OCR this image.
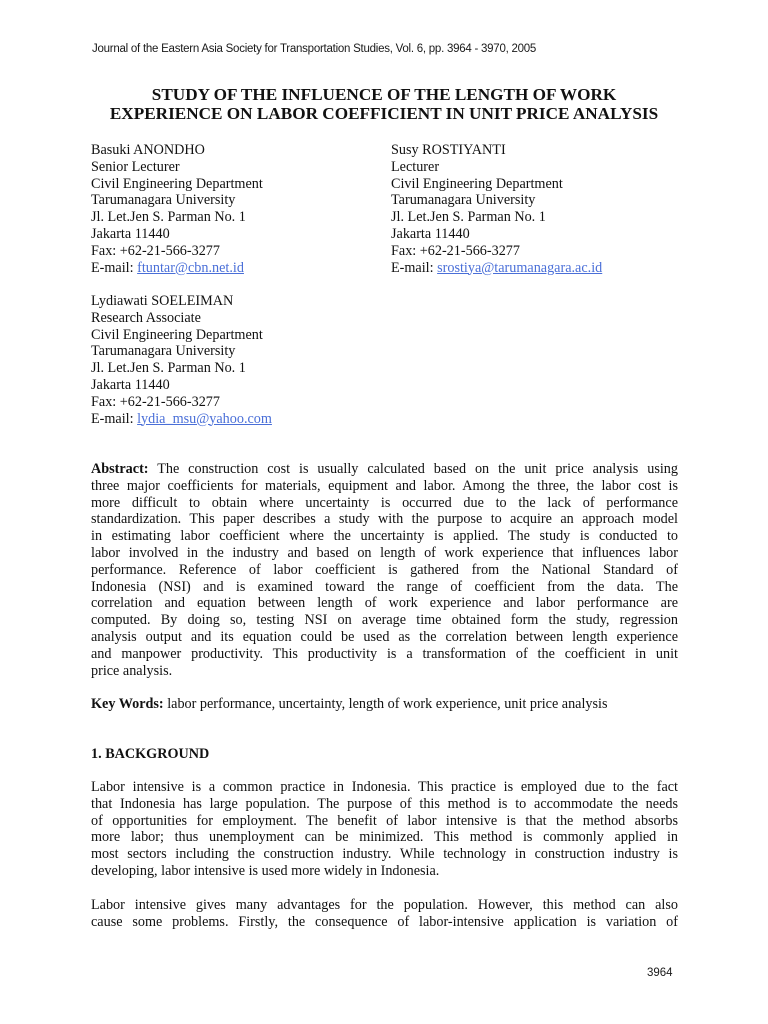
Journal of the Eastern Asia Society for Transportation Studies, Vol. 6, pp. 3964 - 3970, 2005
STUDY OF THE INFLUENCE OF THE LENGTH OF WORK
EXPERIENCE ON LABOR COEFFICIENT IN UNIT PRICE ANALYSIS
Basuki ANONDHO
Senior Lecturer
Civil Engineering Department
Tarumanagara University
Jl. Let.Jen S. Parman No. 1
Jakarta 11440
Fax: +62-21-566-3277
E-mail: ftuntar@cbn.net.id
Susy ROSTIYANTI
Lecturer
Civil Engineering Department
Tarumanagara University
Jl. Let.Jen S. Parman No. 1
Jakarta 11440
Fax: +62-21-566-3277
E-mail: srostiya@tarumanagara.ac.id
Lydiawati SOELEIMAN
Research Associate
Civil Engineering Department
Tarumanagara University
Jl. Let.Jen S. Parman No. 1
Jakarta 11440
Fax: +62-21-566-3277
E-mail: lydia_msu@yahoo.com
Abstract: The construction cost is usually calculated based on the unit price analysis using
three major coefficients for materials, equipment and labor. Among the three, the labor cost is
more difficult to obtain where uncertainty is occurred due to the lack of performance
standardization. This paper describes a study with the purpose to acquire an approach model
in estimating labor coefficient where the uncertainty is applied. The study is conducted to
labor involved in the industry and based on length of work experience that influences labor
performance. Reference of labor coefficient is gathered from the National Standard of
Indonesia (NSI) and is examined toward the range of coefficient from the data. The
correlation and equation between length of work experience and labor performance are
computed. By doing so, testing NSI on average time obtained form the study, regression
analysis output and its equation could be used as the correlation between length experience
and manpower productivity. This productivity is a transformation of the coefficient in unit
price analysis.
Key Words: labor performance, uncertainty, length of work experience, unit price analysis
1. BACKGROUND
Labor intensive is a common practice in Indonesia. This practice is employed due to the fact
that Indonesia has large population. The purpose of this method is to accommodate the needs
of opportunities for employment. The benefit of labor intensive is that the method absorbs
more labor; thus unemployment can be minimized. This method is commonly applied in
most sectors including the construction industry. While technology in construction industry is
developing, labor intensive is used more widely in Indonesia.
Labor intensive gives many advantages for the population. However, this method can also
cause some problems. Firstly, the consequence of labor-intensive application is variation of
3964
